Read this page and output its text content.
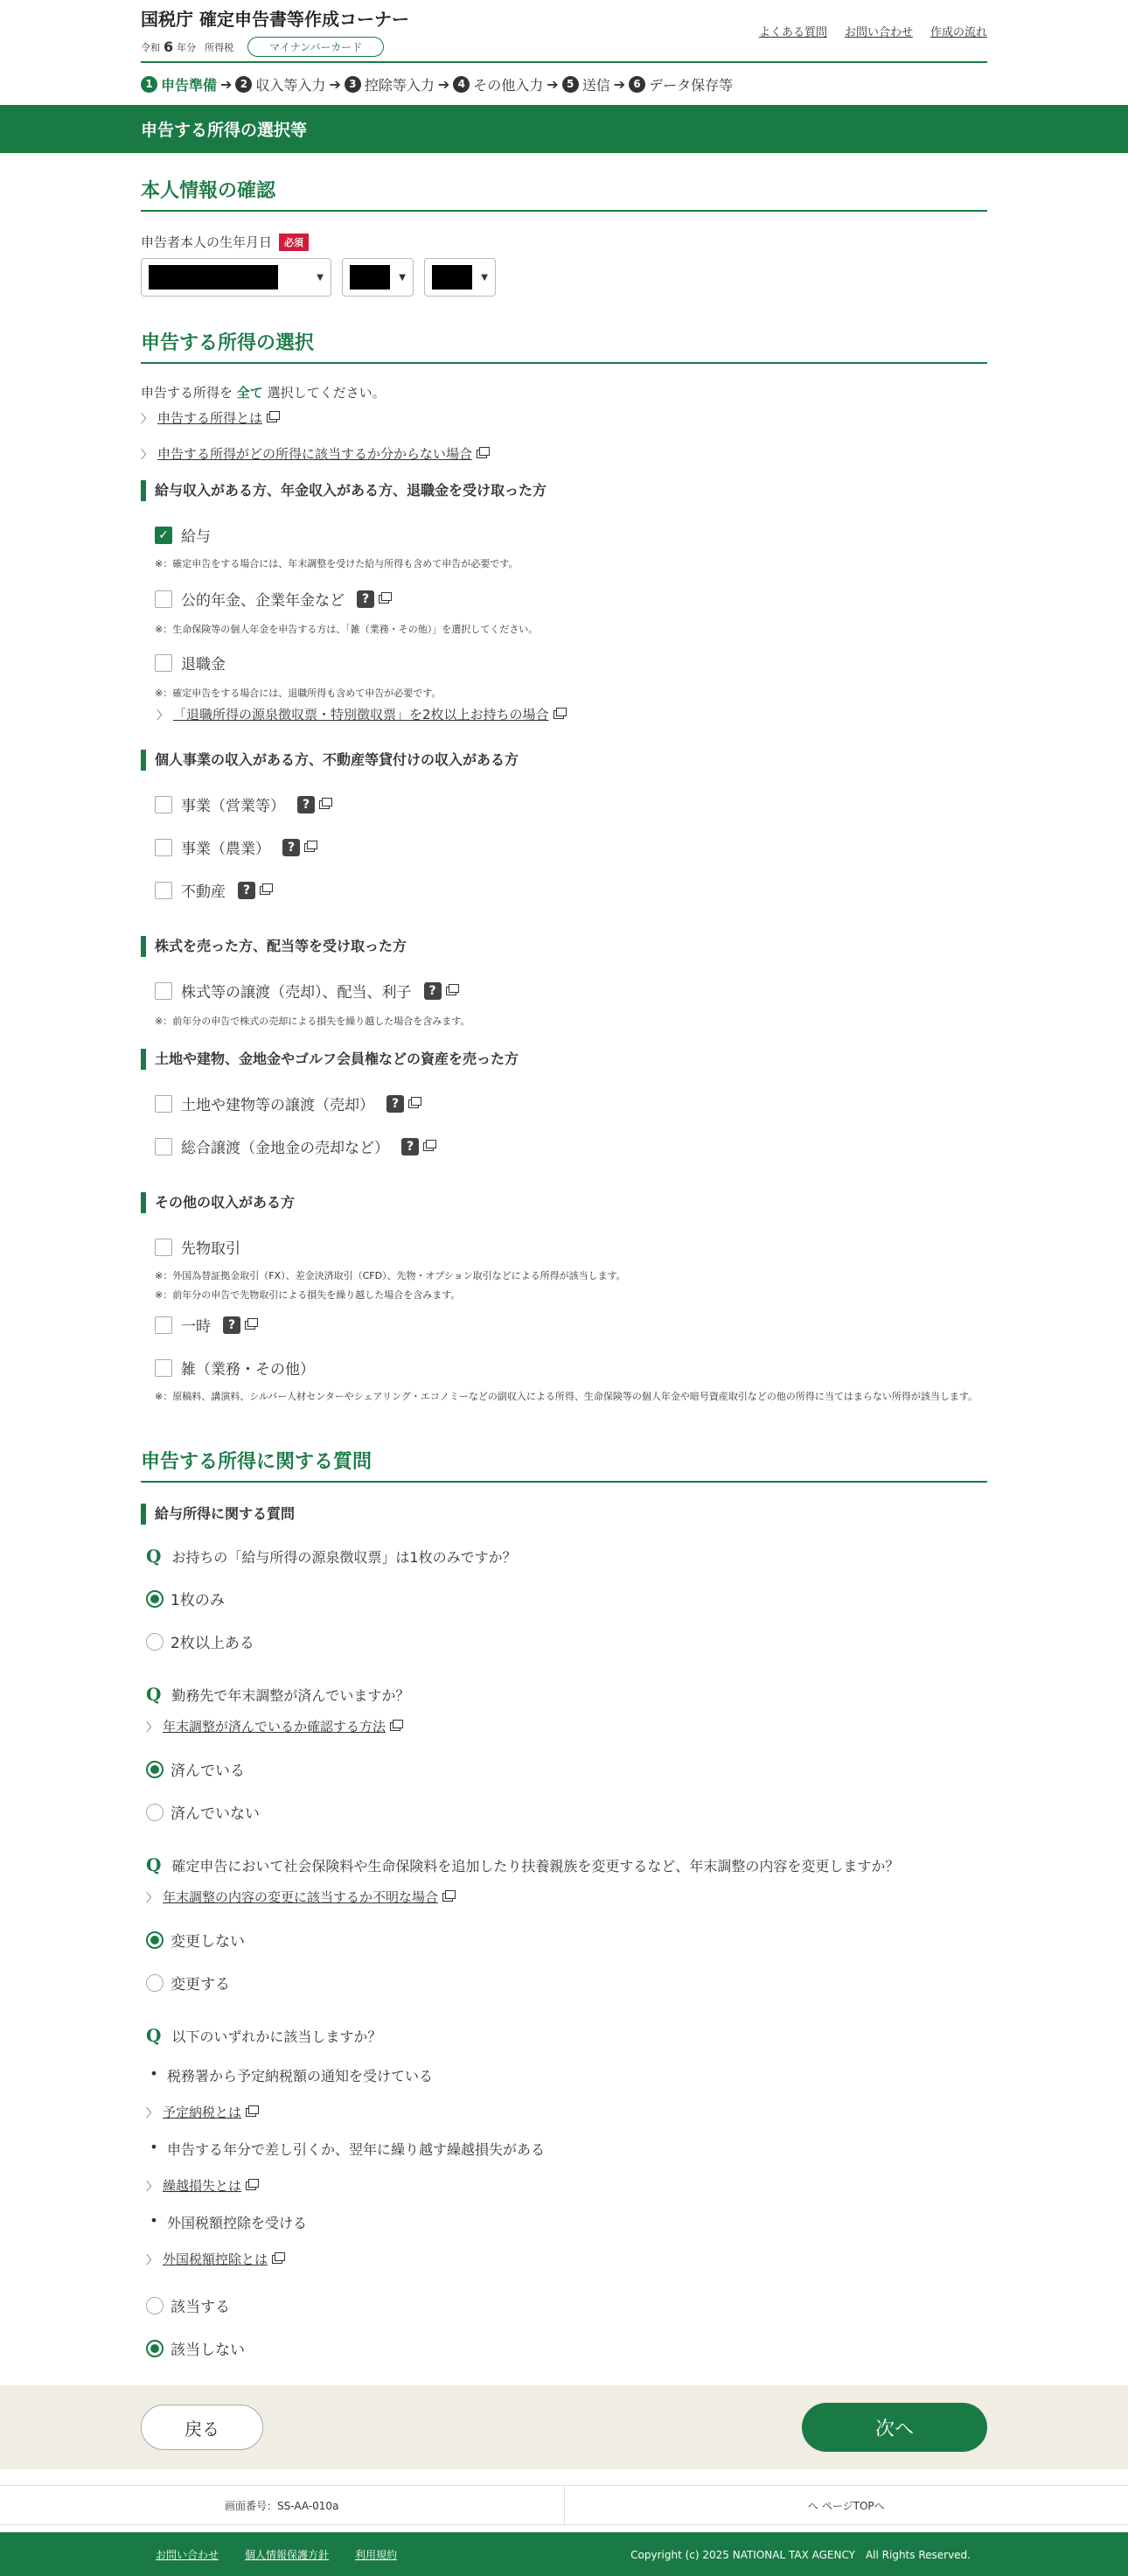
国税庁 確定申告書等作成コーナー
令和 6 年分 所得税	マイナンバーカード
よくある質問 お問い合わせ 作成の流れ
1 申告準備 ➔ 2 収入等入力 ➔ 3 控除等入力 ➔ 4 その他入力 ➔ 5 送信 ➔ 6 データ保存等
申告する所得の選択等
本人情報の確認
申告者本人の生年月日	必須
▼	▼	▼
申告する所得の選択
申告する所得を 全て 選択してください。
〉 申告する所得とは
〉 申告する所得がどの所得に該当するか分からない場合
給与収入がある方、年金収入がある方、退職金を受け取った方
✓ 給与
※：確定申告をする場合には、年末調整を受けた給与所得も含めて申告が必要です。
公的年金、企業年金など	?
※：生命保険等の個人年金を申告する方は、「雑（業務・その他）」を選択してください。
退職金
※：確定申告をする場合には、退職所得も含めて申告が必要です。
〉 「退職所得の源泉徴収票・特別徴収票」を2枚以上お持ちの場合
個人事業の収入がある方、不動産等貸付けの収入がある方
事業（営業等）	?
事業（農業）	?
不動産	?
株式を売った方、配当等を受け取った方
株式等の譲渡（売却）、配当、利子	?
※：前年分の申告で株式の売却による損失を繰り越した場合を含みます。
土地や建物、金地金やゴルフ会員権などの資産を売った方
土地や建物等の譲渡（売却）	?
総合譲渡（金地金の売却など）	?
その他の収入がある方
先物取引
※：外国為替証拠金取引（FX）、差金決済取引（CFD）、先物・オプション取引などによる所得が該当します。
※：前年分の申告で先物取引による損失を繰り越した場合を含みます。
一時	?
雑（業務・その他）
※：原稿料、講演料、シルバー人材センターやシェアリング・エコノミーなどの副収入による所得、生命保険等の個人年金や暗号資産取引などの他の所得に当てはまらない所得が該当します。
申告する所得に関する質問
給与所得に関する質問
Q お持ちの「給与所得の源泉徴収票」は1枚のみですか？
1枚のみ
2枚以上ある
Q 勤務先で年末調整が済んでいますか？
〉 年末調整が済んでいるか確認する方法
済んでいる
済んでいない
Q 確定申告において社会保険料や生命保険料を追加したり扶養親族を変更するなど、年末調整の内容を変更しますか？
〉 年末調整の内容の変更に該当するか不明な場合
変更しない
変更する
Q 以下のいずれかに該当しますか？
• 税務署から予定納税額の通知を受けている
〉 予定納税とは
• 申告する年分で差し引くか、翌年に繰り越す繰越損失がある
〉 繰越損失とは
• 外国税額控除を受ける
〉 外国税額控除とは
該当する
該当しない
戻る	次へ
画面番号：SS-AA-010a	へ ページTOPへ
お問い合わせ	個人情報保護方針	利用規約	Copyright (c) 2025 NATIONAL TAX AGENCY　All Rights Reserved.
